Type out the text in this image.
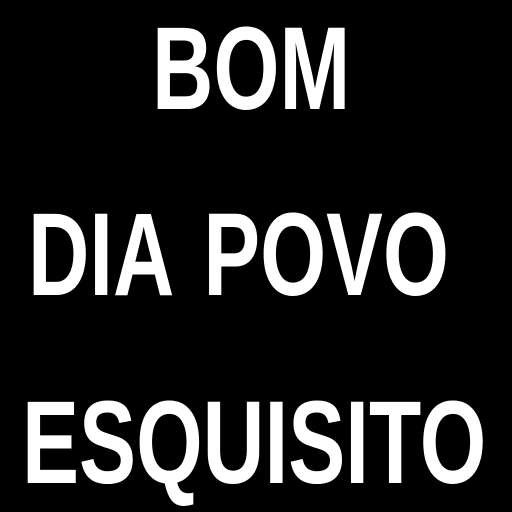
BOM
DIA POVO
ESQUISITO
